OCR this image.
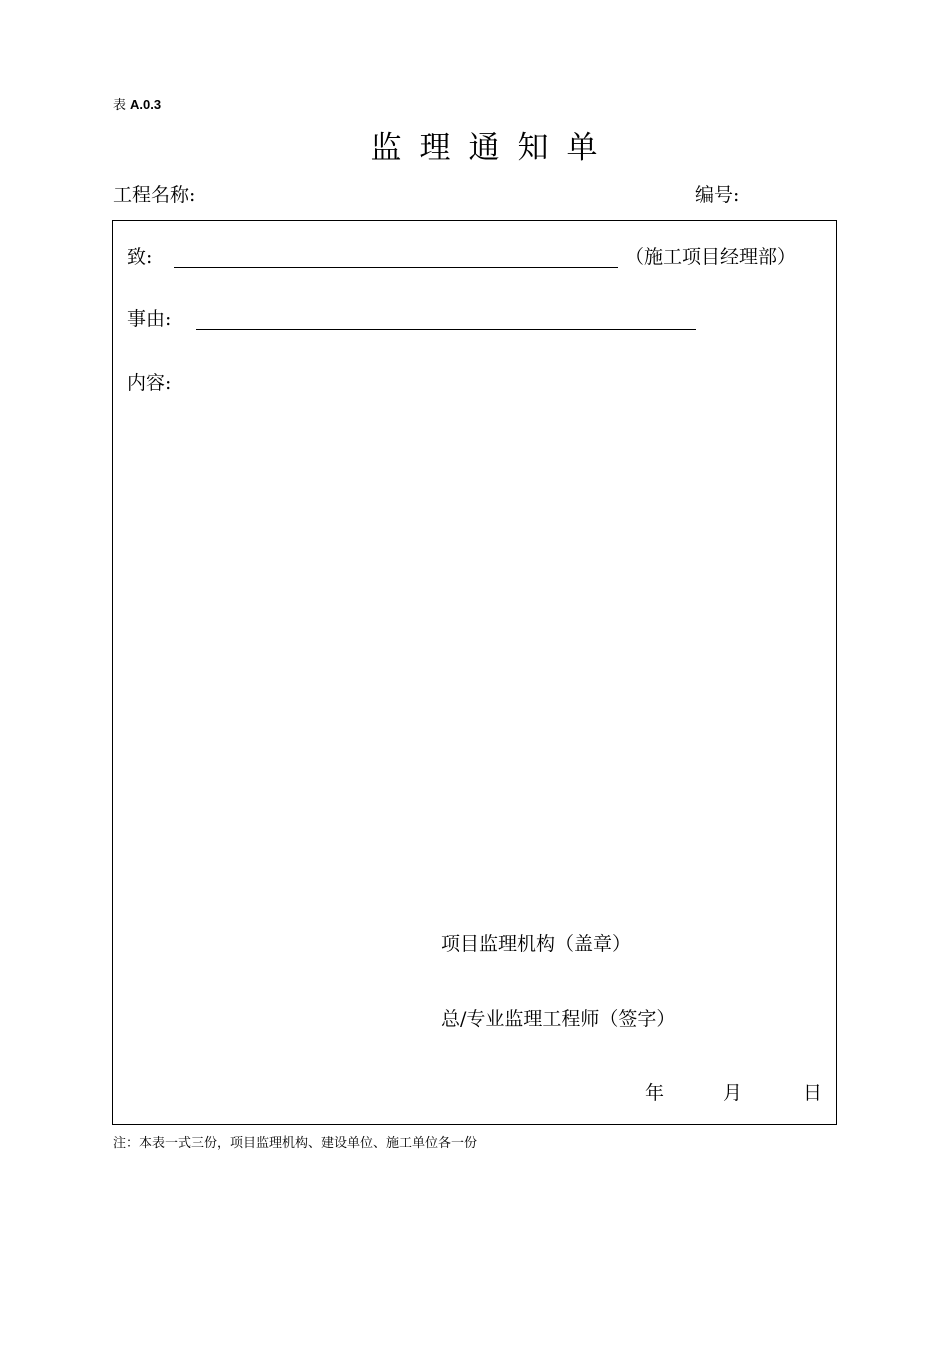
表 A.0.3
监理通知单
工程名称:	编号:
致:	（施工项目经理部）
事由:
内容:
项目监理机构（盖章）
总/专业监理工程师（签字）
年	月	日
注：本表一式三份，项目监理机构、建设单位、施工单位各一份
